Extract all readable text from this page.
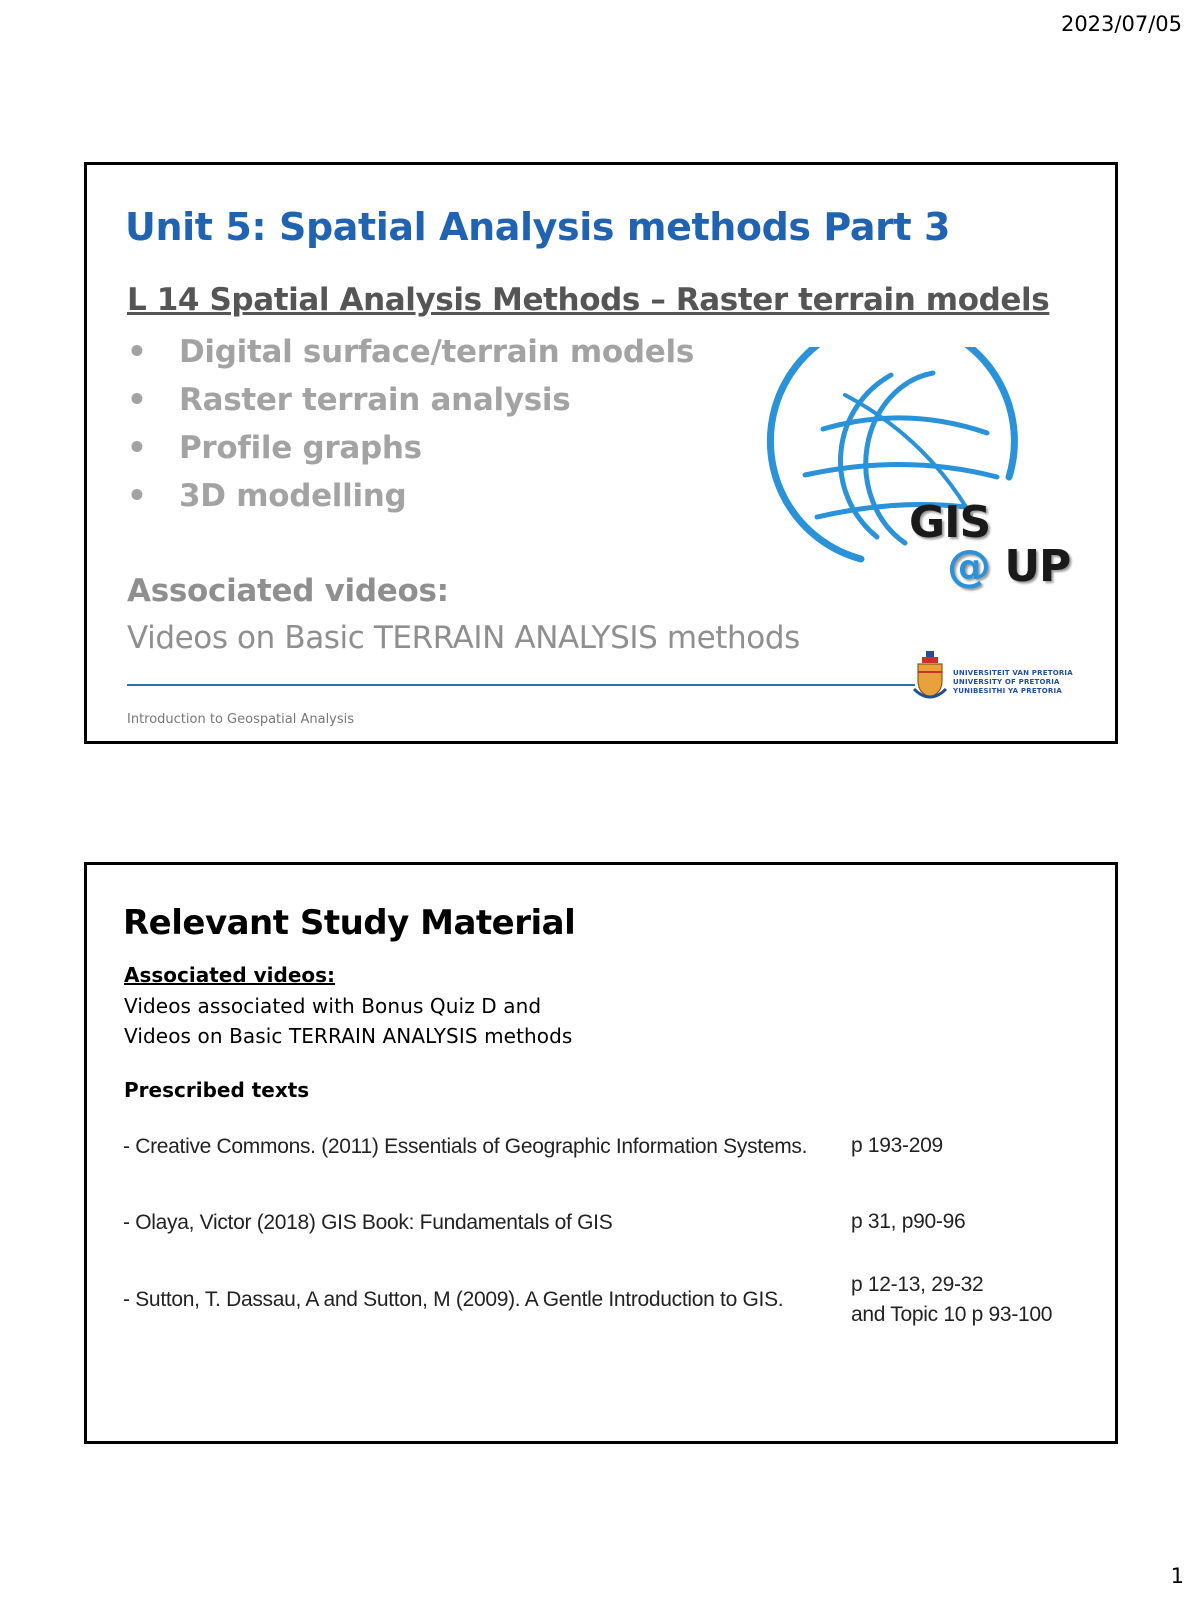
2023/07/05
Unit 5: Spatial Analysis methods Part 3
L 14 Spatial Analysis Methods – Raster terrain models
• Digital surface/terrain models
• Raster terrain analysis
• Profile graphs
• 3D modelling

Associated videos:

Videos on Basic TERRAIN ANALYSIS methods

GIS
@ UP

Introduction to Geospatial Analysis

UNIVERSITEIT VAN PRETORIA
UNIVERSITY OF PRETORIA
YUNIBESITHI YA PRETORIA
Relevant Study Material

Associated videos:

Videos associated with Bonus Quiz D and
Videos on Basic TERRAIN ANALYSIS methods

Prescribed texts

- Creative Commons. (2011) Essentials of Geographic Information Systems. p 193-209
- Olaya, Victor (2018) GIS Book: Fundamentals of GIS	p 31, p90-96
- Sutton, T. Dassau, A and Sutton, M (2009). A Gentle Introduction to GIS.
p 12-13, 29-32
and Topic 10 p 93-100
1
